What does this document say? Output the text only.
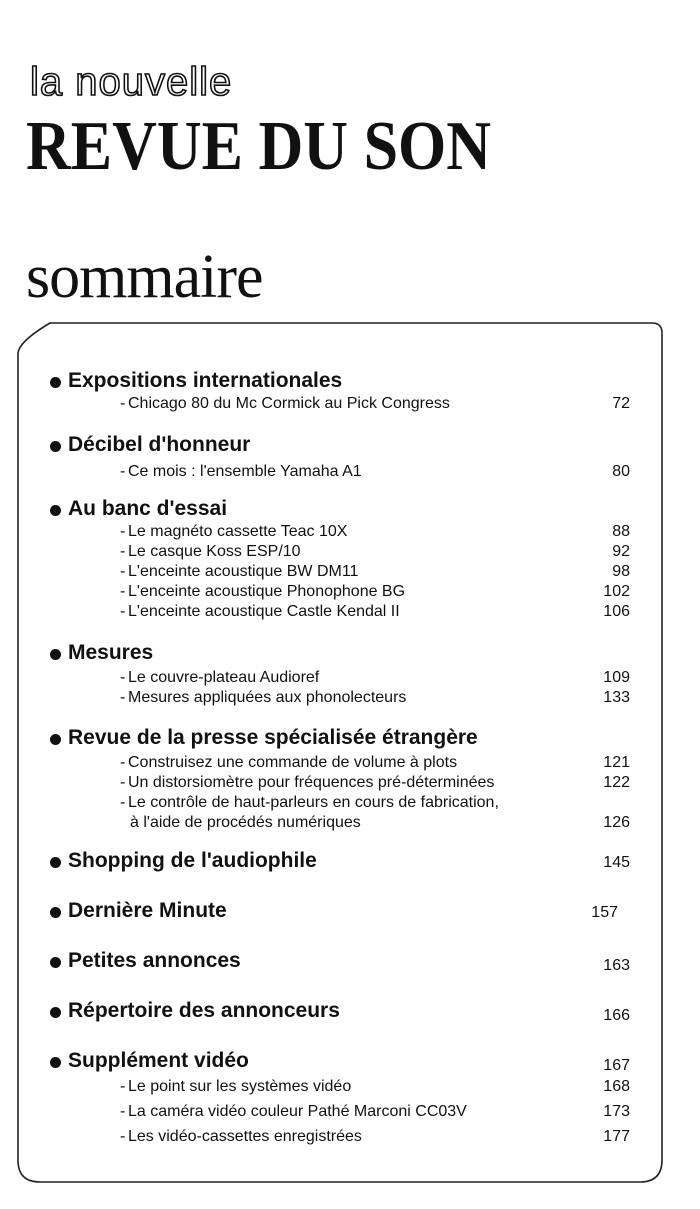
la nouvelle
REVUE DU SON
sommaire
Expositions internationales
- Chicago 80 du Mc Cormick au Pick Congress	72
Décibel d'honneur
- Ce mois : l'ensemble Yamaha A1	80
Au banc d'essai
- Le magnéto cassette Teac 10X	88
- Le casque Koss ESP/10	92
- L'enceinte acoustique BW DM11	98
- L'enceinte acoustique Phonophone BG	102
- L'enceinte acoustique Castle Kendal II	106
Mesures
- Le couvre-plateau Audioref	109
- Mesures appliquées aux phonolecteurs	133
Revue de la presse spécialisée étrangère
- Construisez une commande de volume à plots	121
- Un distorsiomètre pour fréquences pré-déterminées	122
- Le contrôle de haut-parleurs en cours de fabrication,
à l'aide de procédés numériques	126
Shopping de l'audiophile	145
Dernière Minute	157
Petites annonces	163
Répertoire des annonceurs	166
Supplément vidéo	167
- Le point sur les systèmes vidéo	168
- La caméra vidéo couleur Pathé Marconi CC03V	173
- Les vidéo-cassettes enregistrées	177
